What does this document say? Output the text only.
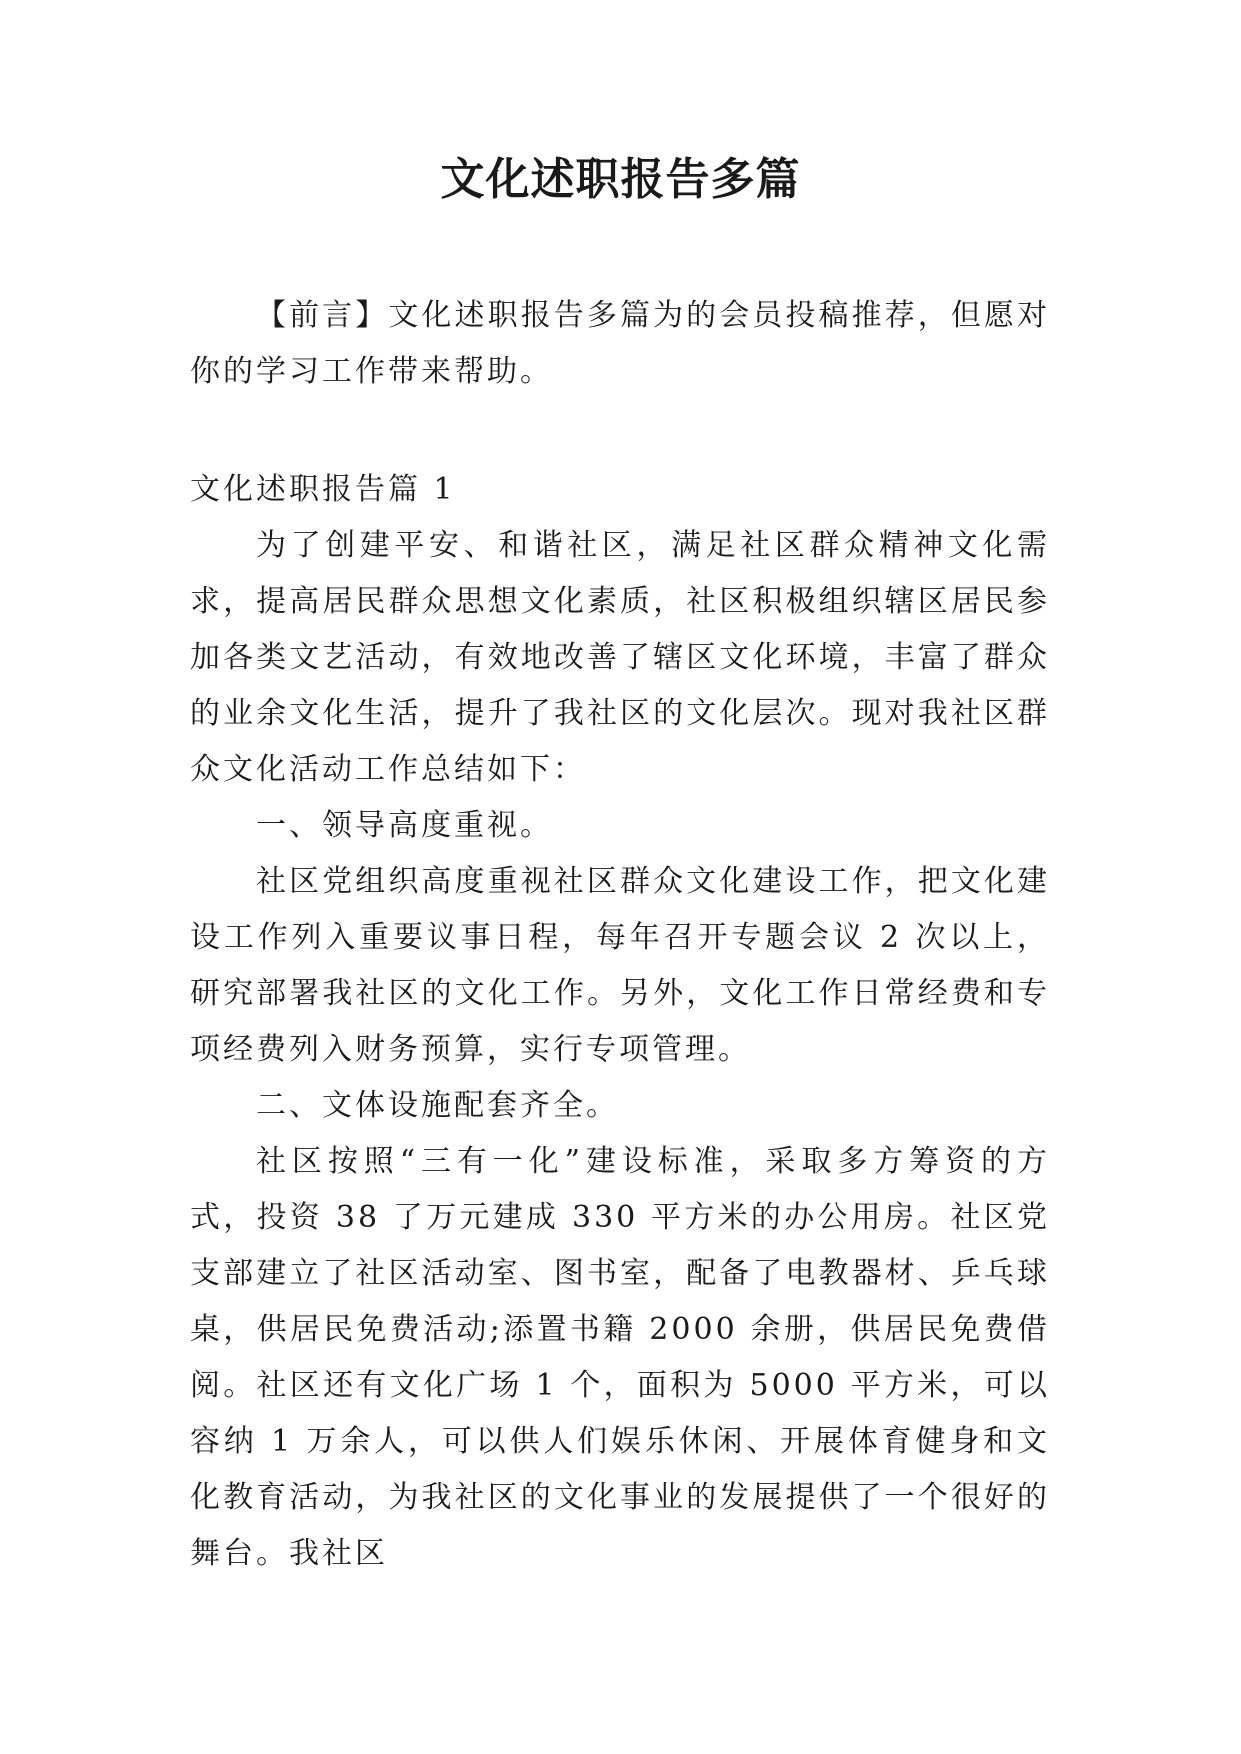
文化述职报告多篇
【前言】文化述职报告多篇为的会员投稿推荐，但愿对你的学习工作带来帮助。

文化述职报告篇 1

为了创建平安、和谐社区，满足社区群众精神文化需求，提高居民群众思想文化素质，社区积极组织辖区居民参加各类文艺活动，有效地改善了辖区文化环境，丰富了群众的业余文化生活，提升了我社区的文化层次。现对我社区群众文化活动工作总结如下：

一、领导高度重视。

社区党组织高度重视社区群众文化建设工作，把文化建设工作列入重要议事日程，每年召开专题会议 2 次以上，研究部署我社区的文化工作。另外，文化工作日常经费和专项经费列入财务预算，实行专项管理。

二、文体设施配套齐全。

社区按照“三有一化”建设标准，采取多方筹资的方式，投资 38 了万元建成 330 平方米的办公用房。社区党支部建立了社区活动室、图书室，配备了电教器材、乒乓球桌，供居民免费活动;添置书籍 2000 余册，供居民免费借阅。社区还有文化广场 1 个，面积为 5000 平方米，可以容纳 1 万余人，可以供人们娱乐休闲、开展体育健身和文化教育活动，为我社区的文化事业的发展提供了一个很好的舞台。我社区
